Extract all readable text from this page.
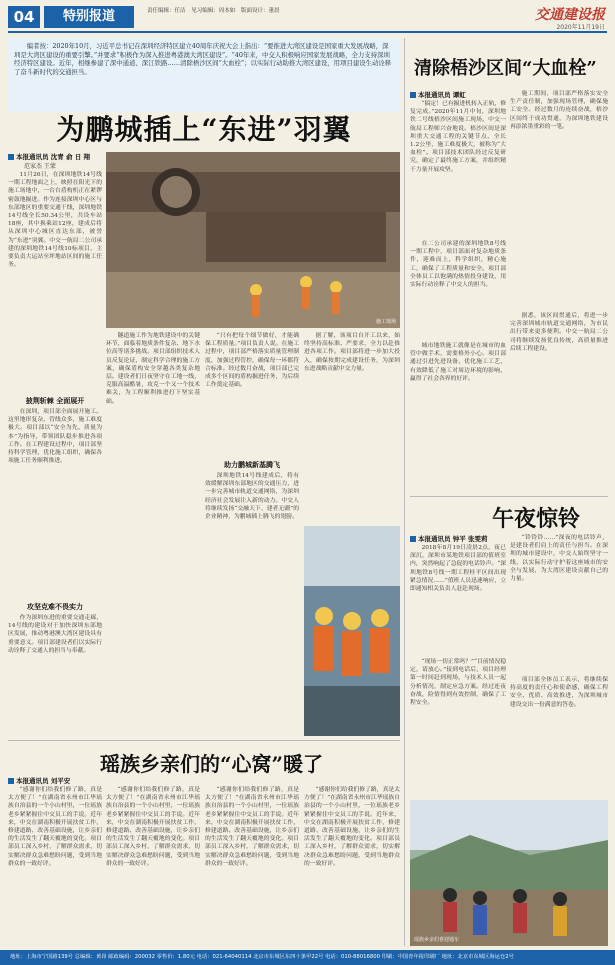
04	特别报道	责任编辑：任洁 见习编辑：周本如 版面设计：董晨	交通建设报
2020年11月19日
编者按：2020年10月，习近平总书记在深圳经济特区建立40周年庆祝大会上指出：“要推进大湾区建设是国家重大发展战略，深圳是大湾区建设的重要引擎。”并要求“积极作为深入推进粤港澳大湾区建设”。“40年来，中交人积极响应国家发展战略，全力支持深圳经济特区建设。近年，相继参建了深中通道、深江铁路……清除梧沙区间“大血栓”；以实际行动助推大湾区建设，用项目建设生动诠释了奋斗新时代的交通担当。
为鹏城插上“东进”羽翼
本报通讯员 沈青 俞 日 翔
范家杰 王蒙
11月26日，在深圳地铁14号线一期工程地面之上，映照在阳光下的施工场地中，一台台盾构机正在紧锣密鼓地掘进。作为连接深圳中心区与东部地区的重要交通干线，深圳地铁14号线全长50.34公里，共设车站18座，其中换乘站12座，建成后将从深圳中心城区直达东部，被誉为“东进”羽翼。中交一航局二公司承建的深圳地铁14号线10标项目，主要负责大运站至坪地站区间的施工任务。
披荆斩棘 全面展开
在深圳，项目部全面展开施工。这里地形复杂，管线众多，施工难度极大。项目部以“安全为先、质量为本”为指导，带领团队稳步推进各项工作。在工程建设过程中，项目部坚持科学管理，优化施工组织，确保各项施工任务顺利推进。
攻坚克难不畏实力
作为深圳东进的重要交通走廊，14号线的建设对于加快深圳东部地区发展，推动粤港澳大湾区建设具有重要意义。项目部建设者们以实际行动诠释了交通人的担当与奉献。
施工现场
隧道施工作为地铁建设中的关键环节，面临着地质条件复杂、地下水位高等诸多挑战。项目部组织技术人员反复论证，制定科学合理的施工方案，确保盾构安全穿越各类复杂地层。建设者们日夜坚守在工地一线，克服高温酷暑，攻克一个又一个技术难关，为工程顺利推进打下坚实基础。
“只有把每个细节做好，才能确保工程质量。”项目负责人说。在施工过程中，项目部严格落实质量管理制度，加强过程管控，确保每一环都符合标准。经过数月奋战，项目部已完成多个区间的盾构掘进任务，为后续工作奠定基础。
助力鹏城新基腾飞
深圳地铁14号线建成后，将有效缓解深圳东部地区的交通压力，进一步完善城市轨道交通网络，为深圳经济社会发展注入新的动力。中交人将继续发扬“交融天下、建者无疆”的企业精神，为鹏城插上腾飞的翅膀。
据了解，该项目自开工以来，始终坚持高标准、严要求，全力以赴推进各项工作。项目部将进一步加大投入，确保按期完成建设任务，为深圳东进战略贡献中交力量。
瑶族乡亲们的“心窝”暖了
本报通讯员 刘平安
“感谢你们给我们修了路，真是太方便了！”在湖南省永州市江华瑶族自治县的一个小山村里，一位瑶族老乡紧紧握住中交员工的手说。近年来，中交在湖南积极开展扶贫工作，修建道路、改善基础设施，让乡亲们的生活发生了翻天覆地的变化。项目部员工深入乡村，了解群众需求，切实解决群众急难愁盼问题，受到当地群众的一致好评。
“感谢你们给我们修了路，真是太方便了！”在湖南省永州市江华瑶族自治县的一个小山村里，一位瑶族老乡紧紧握住中交员工的手说。近年来，中交在湖南积极开展扶贫工作，修建道路、改善基础设施，让乡亲们的生活发生了翻天覆地的变化。项目部员工深入乡村，了解群众需求，切实解决群众急难愁盼问题，受到当地群众的一致好评。
“感谢你们给我们修了路，真是太方便了！”在湖南省永州市江华瑶族自治县的一个小山村里，一位瑶族老乡紧紧握住中交员工的手说。近年来，中交在湖南积极开展扶贫工作，修建道路、改善基础设施，让乡亲们的生活发生了翻天覆地的变化。项目部员工深入乡村，了解群众需求，切实解决群众急难愁盼问题，受到当地群众的一致好评。
“感谢你们给我们修了路，真是太方便了！”在湖南省永州市江华瑶族自治县的一个小山村里，一位瑶族老乡紧紧握住中交员工的手说。近年来，中交在湖南积极开展扶贫工作，修建道路、改善基础设施，让乡亲们的生活发生了翻天覆地的变化。项目部员工深入乡村，了解群众需求，切实解决群众急难愁盼问题，受到当地群众的一致好评。
清除梧沙区间“大血栓”
本报通讯员 谭虹
“搞定！已有掘进机转入正轨，修复完成。”2020年11月中旬，深圳地铁二号线梧沙区间施工现场，中交一航局工程师兴奋地说。梧沙区间是深圳重大交通工程的关键节点，全长1.2公里，施工难度极大，被称为“大血栓”。项目部技术团队经过反复研究，确定了最终施工方案，并组织精干力量开展攻坚。
在二公司承建的深圳地铁8号线一期工程中，项目部面对复杂地质条件，迎难而上，科学组织，精心施工，确保了工程质量和安全。项目部全体员工以饱满的热情投身建设，用实际行动诠释了中交人的担当。
城市地铁施工就像是在城市的血管中做手术，需要格外小心。项目部通过引进先进设备、优化施工工艺，有效降低了施工对周边环境的影响，赢得了社会各界的好评。
施工期间，项目部严格落实安全生产责任制，加强现场管理，确保施工安全。经过数月的连续奋战，梧沙区间终于成功贯通，为深圳地铁建设再添浓墨重彩的一笔。
据悉，该区间贯通后，将进一步完善深圳城市轨道交通网络，为市民出行带来更多便利。中交一航局二公司将继续发扬优良传统，高质量推进后续工程建设。
午夜惊铃
本报通讯员 钟平 张雯莉
2018年8月19日凌晨2点，夜已深沉，深圳市某地铁项目部的值班室内，突然响起了急促的电话铃声。“深圳地铁8号线一期工程桂平区间出现紧急情况……”值班人员迅速响应，立即通知相关负责人赶赴现场。
“现场一切正常吗？”“目前情况稳定，请放心。”接到电话后，项目经理第一时间赶到现场，与技术人员一起分析情况，制定应急方案。经过连夜奋战，险情得到有效控制，确保了工程安全。
“铃铃铃……”深夜的电话铃声，是建设者们肩上的责任与担当。在深圳的城市建设中，中交人始终坚守一线，以实际行动守护着这座城市的安全与发展，为大湾区建设贡献自己的力量。
项目部全体员工表示，将继续保持高度的责任心和使命感，确保工程安全、优质、高效推进，为深圳城市建设交出一份满意的答卷。
瑶族乡亲们喜迎通车
地址：上海市宁国路139号 总编辑：黄昂 邮政编码：200032 零售价：1.80元 电话：021-64040114 北京市东城区东四十条甲22号 电话：010-88016800 印刷：中国青年报印刷厂 地址：北京市东城区海运仓2号
